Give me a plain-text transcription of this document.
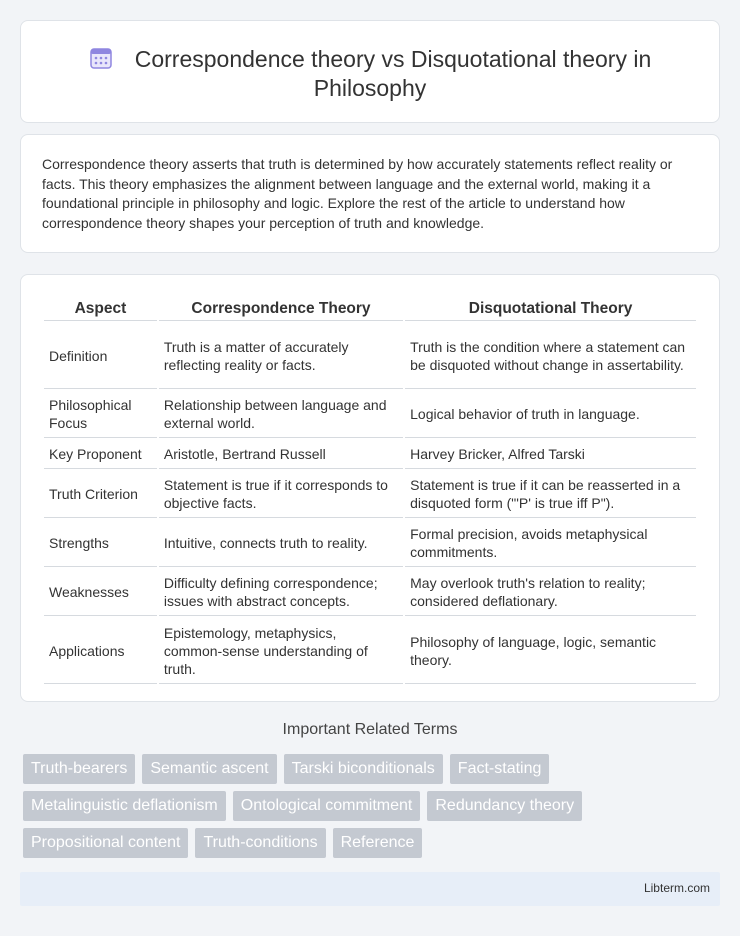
Correspondence theory vs Disquotational theory in Philosophy

Correspondence theory asserts that truth is determined by how accurately statements reflect reality or facts. This theory emphasizes the alignment between language and the external world, making it a foundational principle in philosophy and logic. Explore the rest of the article to understand how correspondence theory shapes your perception of truth and knowledge.

Aspect	Correspondence Theory	Disquotational Theory
Definition	Truth is a matter of accurately reflecting reality or facts.	Truth is the condition where a statement can be disquoted without change in assertability.
Philosophical Focus	Relationship between language and external world.	Logical behavior of truth in language.
Key Proponent	Aristotle, Bertrand Russell	Harvey Bricker, Alfred Tarski
Truth Criterion	Statement is true if it corresponds to objective facts.	Statement is true if it can be reasserted in a disquoted form ("'P' is true iff P").
Strengths	Intuitive, connects truth to reality.	Formal precision, avoids metaphysical commitments.
Weaknesses	Difficulty defining correspondence; issues with abstract concepts.	May overlook truth's relation to reality; considered deflationary.
Applications	Epistemology, metaphysics, common-sense understanding of truth.	Philosophy of language, logic, semantic theory.
Important Related Terms
Truth-bearers	Semantic ascent	Tarski biconditionals	Fact-stating
Metalinguistic deflationism	Ontological commitment	Redundancy theory
Propositional content	Truth-conditions	Reference
Libterm.com
